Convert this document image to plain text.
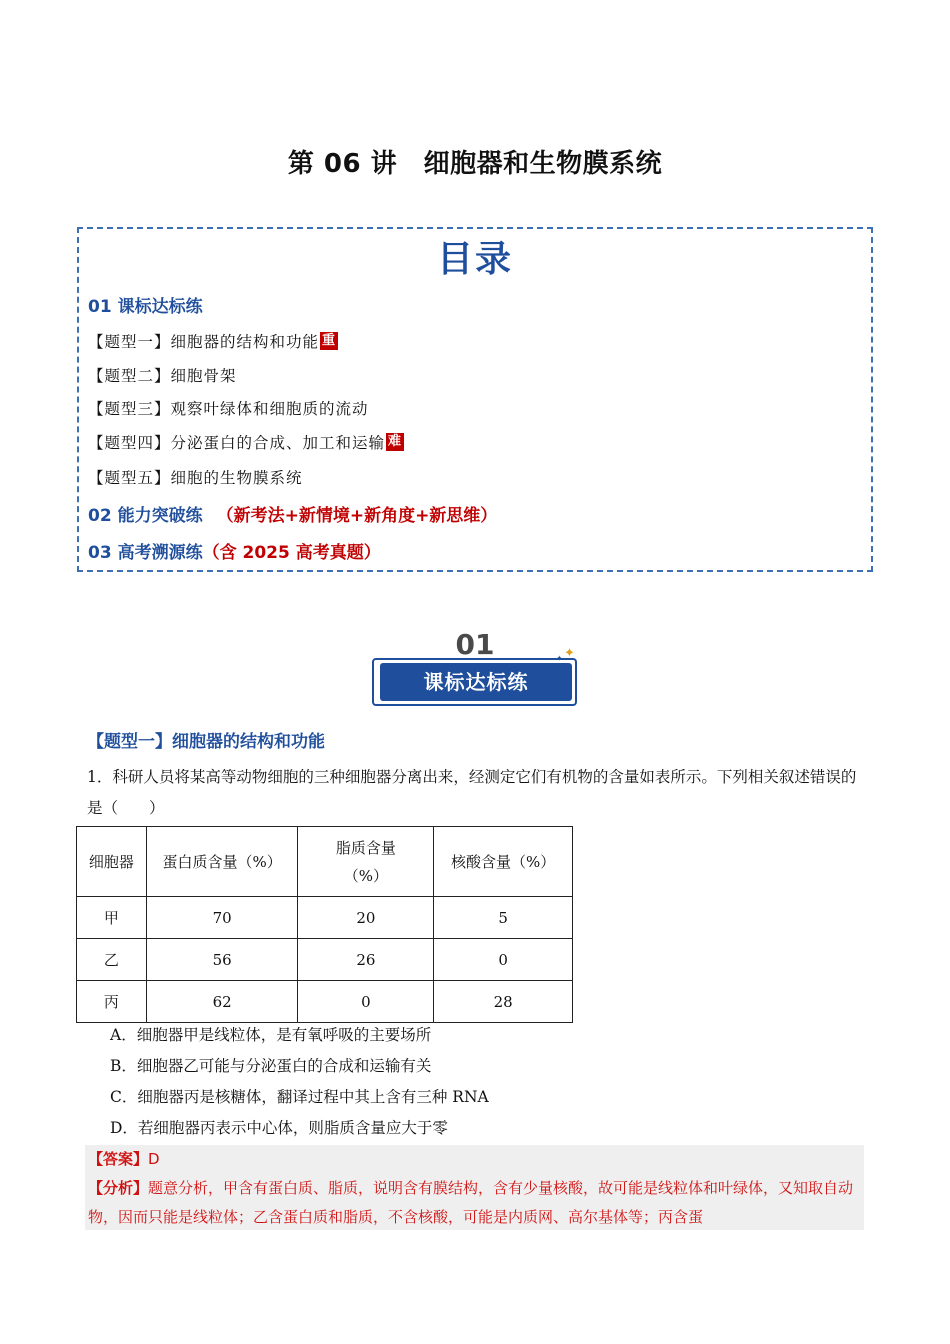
第 06 讲　细胞器和生物膜系统
目录
01 课标达标练
【题型一】细胞器的结构和功能 重
【题型二】细胞骨架
【题型三】观察叶绿体和细胞质的流动
【题型四】分泌蛋白的合成、加工和运输 难
【题型五】细胞的生物膜系统
02 能力突破练 （新考法+新情境+新角度+新思维）
03 高考溯源练（含 2025 高考真题）
01
课标达标练
✦
✦
【题型一】细胞器的结构和功能
1．科研人员将某高等动物细胞的三种细胞器分离出来，经测定它们有机物的含量如表所示。下列相关叙述错误的是（　　）
细胞器	蛋白质含量（%）	脂质含量（%）	核酸含量（%）
甲	70	20	5
乙	56	26	0
丙	62	0	28
A．细胞器甲是线粒体，是有氧呼吸的主要场所
B．细胞器乙可能与分泌蛋白的合成和运输有关
C．细胞器丙是核糖体，翻译过程中其上含有三种 RNA
D．若细胞器丙表示中心体，则脂质含量应大于零
【答案】D
【分析】题意分析，甲含有蛋白质、脂质，说明含有膜结构，含有少量核酸，故可能是线粒体和叶绿体，又知取自动物，因而只能是线粒体；乙含蛋白质和脂质，不含核酸，可能是内质网、高尔基体等；丙含蛋
